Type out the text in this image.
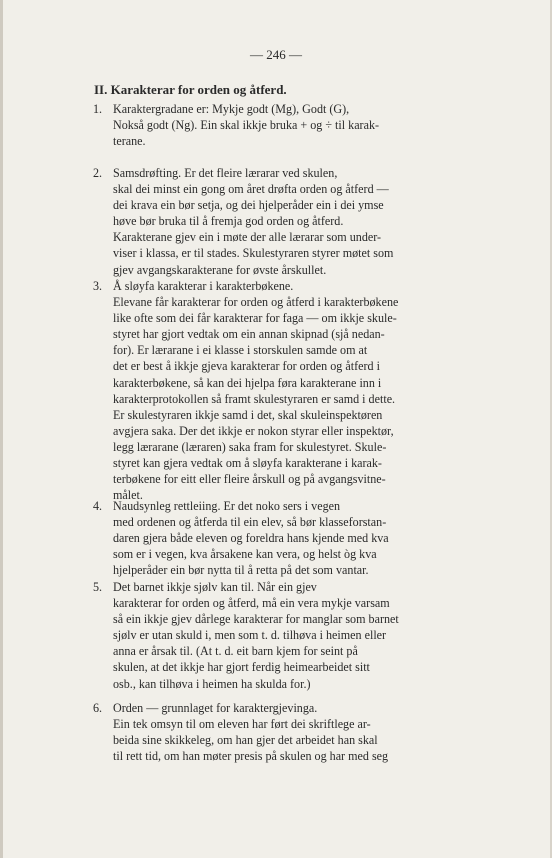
— 246 —
II. Karakterar for orden og åtferd.
1. Karaktergradane er: Mykje godt (Mg), Godt (G),
Nokså godt (Ng). Ein skal ikkje bruka + og ÷ til karak-
terane.
2. Samsdrøfting. Er det fleire lærarar ved skulen,
skal dei minst ein gong om året drøfta orden og åtferd —
dei krava ein bør setja, og dei hjelperåder ein i dei ymse
høve bør bruka til å fremja god orden og åtferd.
Karakterane gjev ein i møte der alle lærarar som under-
viser i klassa, er til stades. Skulestyraren styrer møtet som
gjev avgangskarakterane for øvste årskullet.
3. Å sløyfa karakterar i karakterbøkene.
Elevane får karakterar for orden og åtferd i karakterbøkene
like ofte som dei får karakterar for faga — om ikkje skule-
styret har gjort vedtak om ein annan skipnad (sjå nedan-
for). Er lærarane i ei klasse i storskulen samde om at
det er best å ikkje gjeva karakterar for orden og åtferd i
karakterbøkene, så kan dei hjelpa føra karakterane inn i
karakterprotokollen så framt skulestyraren er samd i dette.
Er skulestyraren ikkje samd i det, skal skuleinspektøren
avgjera saka. Der det ikkje er nokon styrar eller inspektør,
legg lærarane (læraren) saka fram for skulestyret. Skule-
styret kan gjera vedtak om å sløyfa karakterane i karak-
terbøkene for eitt eller fleire årskull og på avgangsvitne-
målet.
4. Naudsynleg rettleiing. Er det noko sers i vegen
med ordenen og åtferda til ein elev, så bør klasseforstan-
daren gjera både eleven og foreldra hans kjende med kva
som er i vegen, kva årsakene kan vera, og helst òg kva
hjelperåder ein bør nytta til å retta på det som vantar.
5. Det barnet ikkje sjølv kan til. Når ein gjev
karakterar for orden og åtferd, må ein vera mykje varsam
så ein ikkje gjev dårlege karakterar for manglar som barnet
sjølv er utan skuld i, men som t. d. tilhøva i heimen eller
anna er årsak til. (At t. d. eit barn kjem for seint på
skulen, at det ikkje har gjort ferdig heimearbeidet sitt
osb., kan tilhøva i heimen ha skulda for.)
6. Orden — grunnlaget for karaktergjevinga.
Ein tek omsyn til om eleven har ført dei skriftlege ar-
beida sine skikkeleg, om han gjer det arbeidet han skal
til rett tid, om han møter presis på skulen og har med seg
